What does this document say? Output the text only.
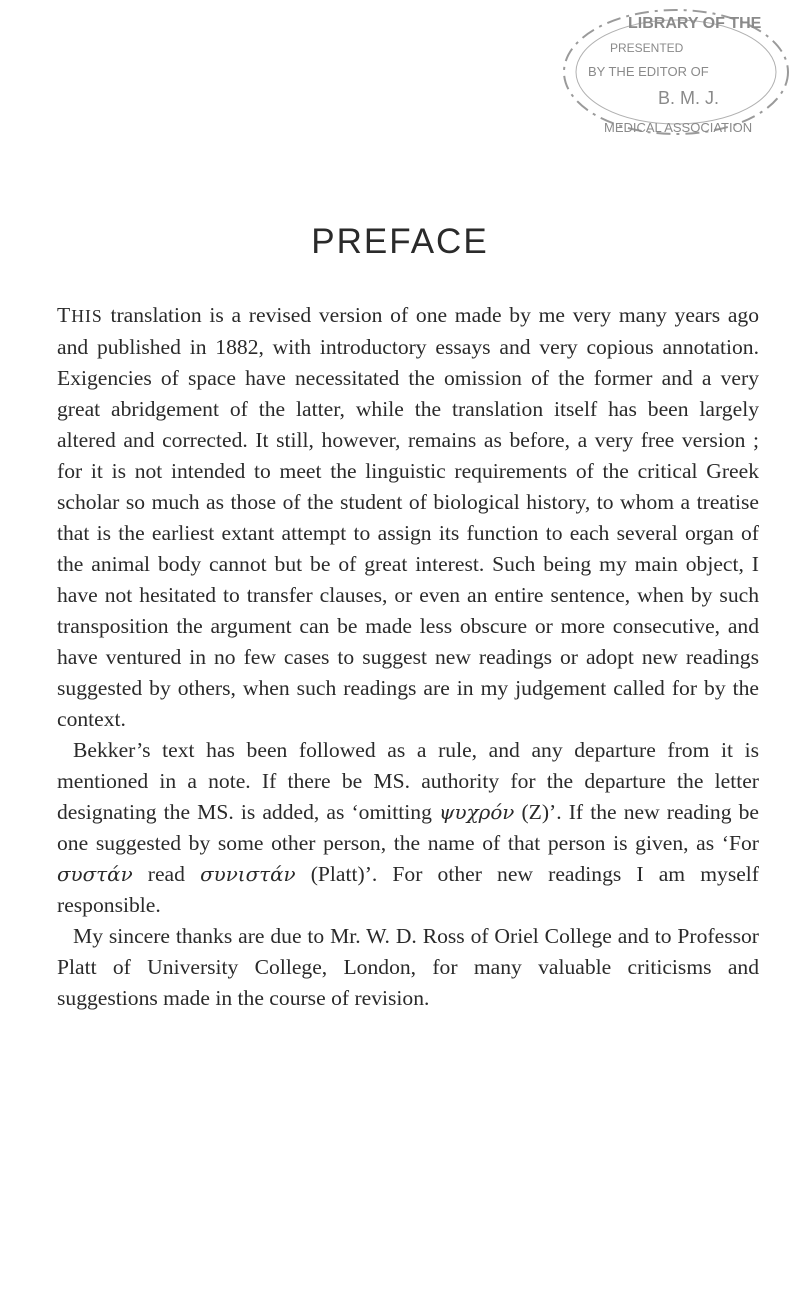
LIBRARY OF THE
PRESENTED
BY THE EDITOR OF
B. M. J.
MEDICAL ASSOCIATION
PREFACE

THIS translation is a revised version of one made by me very many years ago and published in 1882, with introductory essays and very copious annotation. Exigencies of space have necessitated the omission of the former and a very great abridgement of the latter, while the translation itself has been largely altered and corrected. It still, however, remains as before, a very free version ; for it is not intended to meet the linguistic requirements of the critical Greek scholar so much as those of the student of biological history, to whom a treatise that is the earliest extant attempt to assign its function to each several organ of the animal body cannot but be of great interest. Such being my main object, I have not hesitated to transfer clauses, or even an entire sentence, when by such transposition the argument can be made less obscure or more consecutive, and have ventured in no few cases to suggest new readings or adopt new readings suggested by others, when such readings are in my judgement called for by the context.

Bekker’s text has been followed as a rule, and any departure from it is mentioned in a note. If there be MS. authority for the departure the letter designating the MS. is added, as ‘omitting ψυχρόν (Z)’. If the new reading be one suggested by some other person, the name of that person is given, as ‘For συστάν read συνιστάν (Platt)’. For other new readings I am myself responsible.

My sincere thanks are due to Mr. W. D. Ross of Oriel College and to Professor Platt of University College, London, for many valuable criticisms and suggestions made in the course of revision.
